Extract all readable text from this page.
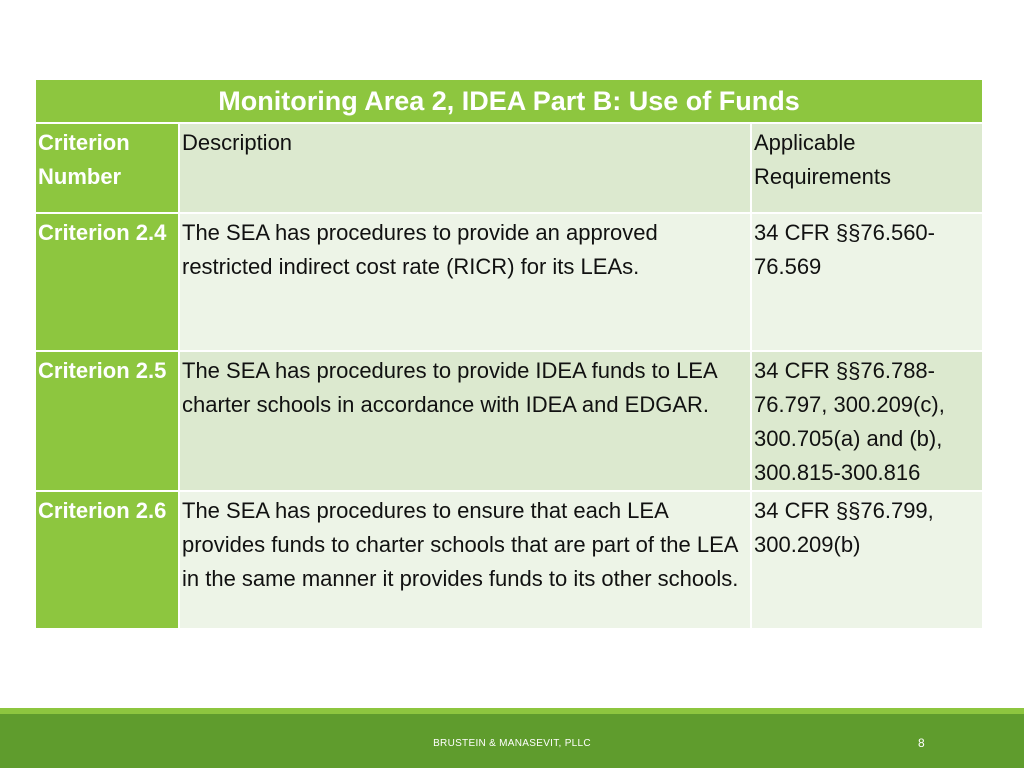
Monitoring Area 2, IDEA Part B: Use of Funds		
Criterion Number	Description	Applicable Requirements
Criterion 2.4	The SEA has procedures to provide an approved restricted indirect cost rate (RICR) for its LEAs.	34 CFR §§76.560-76.569
Criterion 2.5	The SEA has procedures to provide IDEA funds to LEA charter schools in accordance with IDEA and EDGAR.	34 CFR §§76.788-76.797, 300.209(c), 300.705(a) and (b), 300.815-300.816
Criterion 2.6	The SEA has procedures to ensure that each LEA provides funds to charter schools that are part of the LEA in the same manner it provides funds to its other schools.	34 CFR §§76.799, 300.209(b)
BRUSTEIN & MANASEVIT, PLLC	8
